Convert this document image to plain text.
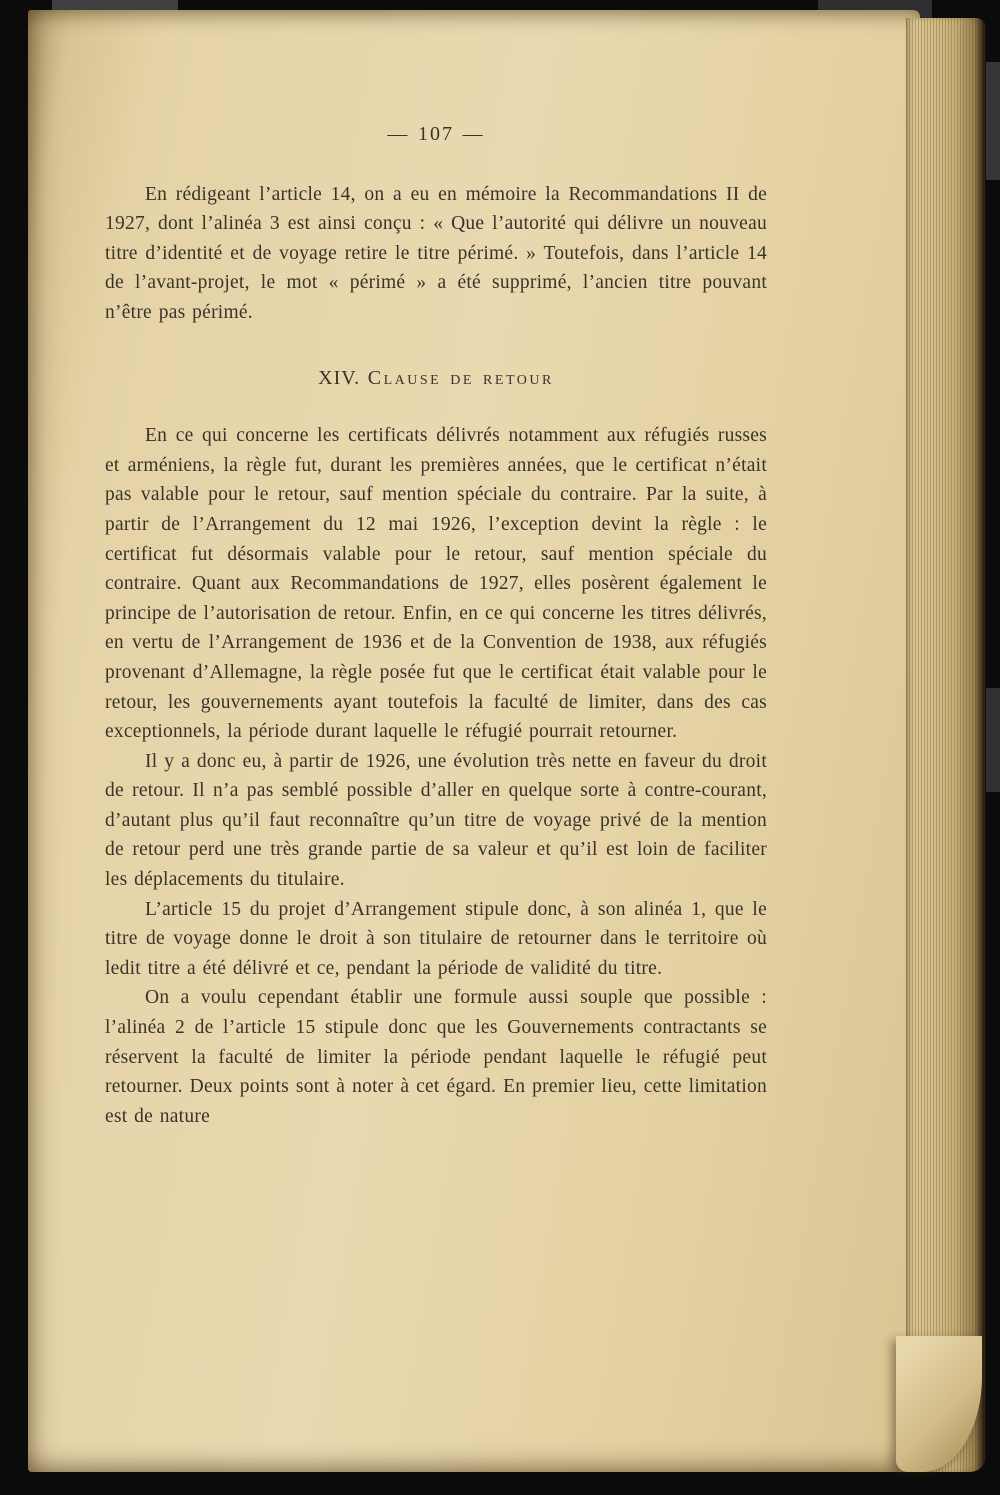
— 107 —

En rédigeant l’article 14, on a eu en mémoire la Recommandations II de 1927, dont l’alinéa 3 est ainsi conçu : « Que l’autorité qui délivre un nouveau titre d’identité et de voyage retire le titre périmé. » Toutefois, dans l’article 14 de l’avant-projet, le mot « périmé » a été supprimé, l’ancien titre pouvant n’être pas périmé.

XIV. Clause de retour

En ce qui concerne les certificats délivrés notamment aux réfugiés russes et arméniens, la règle fut, durant les premières années, que le certificat n’était pas valable pour le retour, sauf mention spéciale du contraire. Par la suite, à partir de l’Arrangement du 12 mai 1926, l’exception devint la règle : le certificat fut désormais valable pour le retour, sauf mention spéciale du contraire. Quant aux Recommandations de 1927, elles posèrent également le principe de l’autorisation de retour. Enfin, en ce qui concerne les titres délivrés, en vertu de l’Arrangement de 1936 et de la Convention de 1938, aux réfugiés provenant d’Allemagne, la règle posée fut que le certificat était valable pour le retour, les gouvernements ayant toutefois la faculté de limiter, dans des cas exceptionnels, la période durant laquelle le réfugié pourrait retourner.

Il y a donc eu, à partir de 1926, une évolution très nette en faveur du droit de retour. Il n’a pas semblé possible d’aller en quelque sorte à contre-courant, d’autant plus qu’il faut reconnaître qu’un titre de voyage privé de la mention de retour perd une très grande partie de sa valeur et qu’il est loin de faciliter les déplacements du titulaire.

L’article 15 du projet d’Arrangement stipule donc, à son alinéa 1, que le titre de voyage donne le droit à son titulaire de retourner dans le territoire où ledit titre a été délivré et ce, pendant la période de validité du titre.

On a voulu cependant établir une formule aussi souple que possible : l’alinéa 2 de l’article 15 stipule donc que les Gouvernements contractants se réservent la faculté de limiter la période pendant laquelle le réfugié peut retourner. Deux points sont à noter à cet égard. En premier lieu, cette limitation est de nature
